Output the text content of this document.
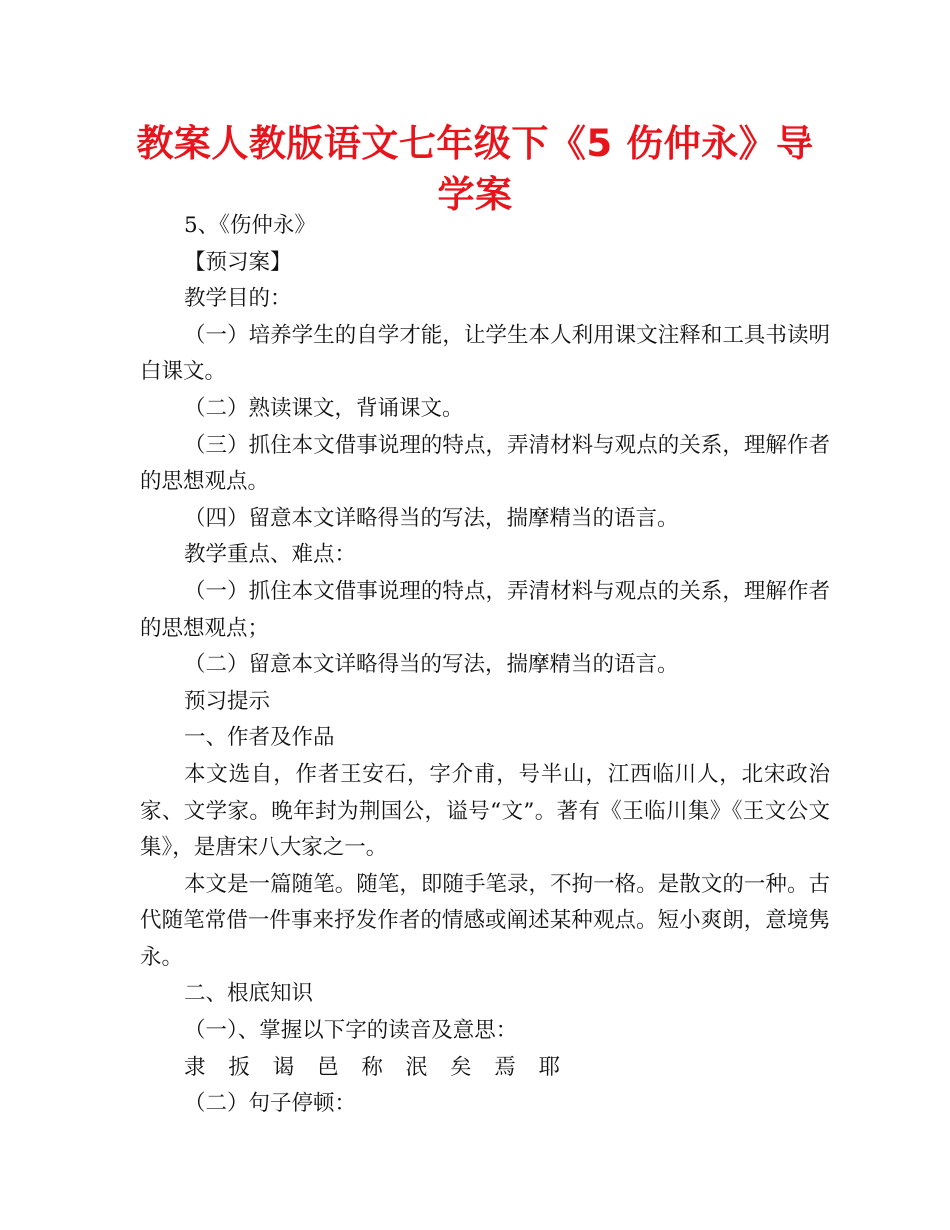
教案人教版语文七年级下《5 伤仲永》导学案

5、《伤仲永》

【预习案】

教学目的：

（一）培养学生的自学才能，让学生本人利用课文注释和工具书读明白课文。

（二）熟读课文，背诵课文。

（三）抓住本文借事说理的特点，弄清材料与观点的关系，理解作者的思想观点。

（四）留意本文详略得当的写法，揣摩精当的语言。

教学重点、难点：

（一）抓住本文借事说理的特点，弄清材料与观点的关系，理解作者的思想观点；

（二）留意本文详略得当的写法，揣摩精当的语言。

预习提示

一、作者及作品

本文选自，作者王安石，字介甫，号半山，江西临川人，北宋政治家、文学家。晚年封为荆国公，谥号“文”。著有《王临川集》《王文公文集》，是唐宋八大家之一。

本文是一篇随笔。随笔，即随手笔录，不拘一格。是散文的一种。古代随笔常借一件事来抒发作者的情感或阐述某种观点。短小爽朗，意境隽永。

二、根底知识

（一）、掌握以下字的读音及意思：

隶 扳 谒 邑 称 泯 矣 焉 耶

（二）句子停顿：
